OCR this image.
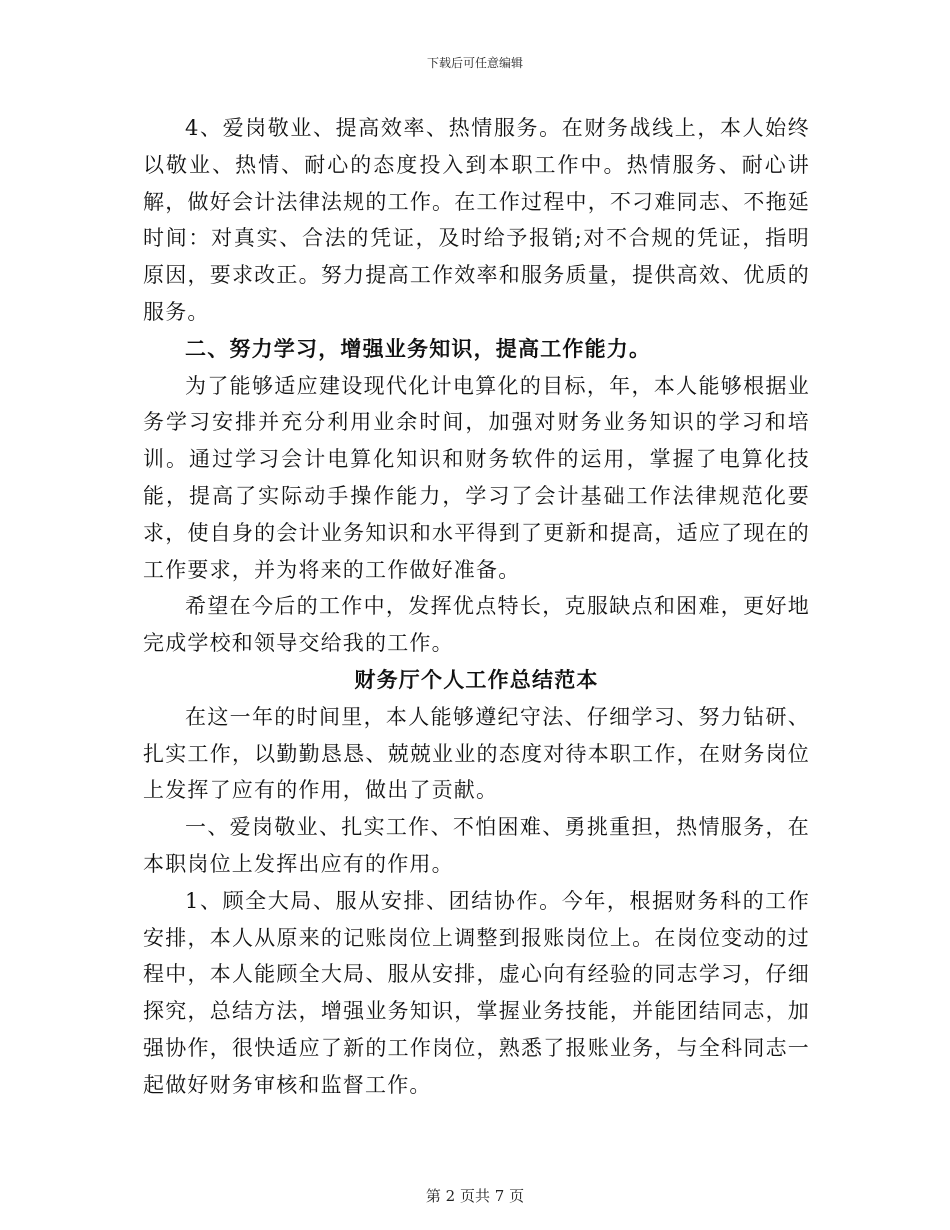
下载后可任意编辑

4、爱岗敬业、提高效率、热情服务。在财务战线上，本人始终以敬业、热情、耐心的态度投入到本职工作中。热情服务、耐心讲解，做好会计法律法规的工作。在工作过程中，不刁难同志、不拖延时间：对真实、合法的凭证，及时给予报销;对不合规的凭证，指明原因，要求改正。努力提高工作效率和服务质量，提供高效、优质的服务。

二、努力学习，增强业务知识，提高工作能力。

为了能够适应建设现代化计电算化的目标，年，本人能够根据业务学习安排并充分利用业余时间，加强对财务业务知识的学习和培训。通过学习会计电算化知识和财务软件的运用，掌握了电算化技能，提高了实际动手操作能力，学习了会计基础工作法律规范化要求，使自身的会计业务知识和水平得到了更新和提高，适应了现在的工作要求，并为将来的工作做好准备。

希望在今后的工作中，发挥优点特长，克服缺点和困难，更好地完成学校和领导交给我的工作。

财务厅个人工作总结范本

在这一年的时间里，本人能够遵纪守法、仔细学习、努力钻研、扎实工作，以勤勤恳恳、兢兢业业的态度对待本职工作，在财务岗位上发挥了应有的作用，做出了贡献。

一、爱岗敬业、扎实工作、不怕困难、勇挑重担，热情服务，在本职岗位上发挥出应有的作用。

1、顾全大局、服从安排、团结协作。今年，根据财务科的工作安排，本人从原来的记账岗位上调整到报账岗位上。在岗位变动的过程中，本人能顾全大局、服从安排，虚心向有经验的同志学习，仔细探究，总结方法，增强业务知识，掌握业务技能，并能团结同志，加强协作，很快适应了新的工作岗位，熟悉了报账业务，与全科同志一起做好财务审核和监督工作。

第 2 页共 7 页
